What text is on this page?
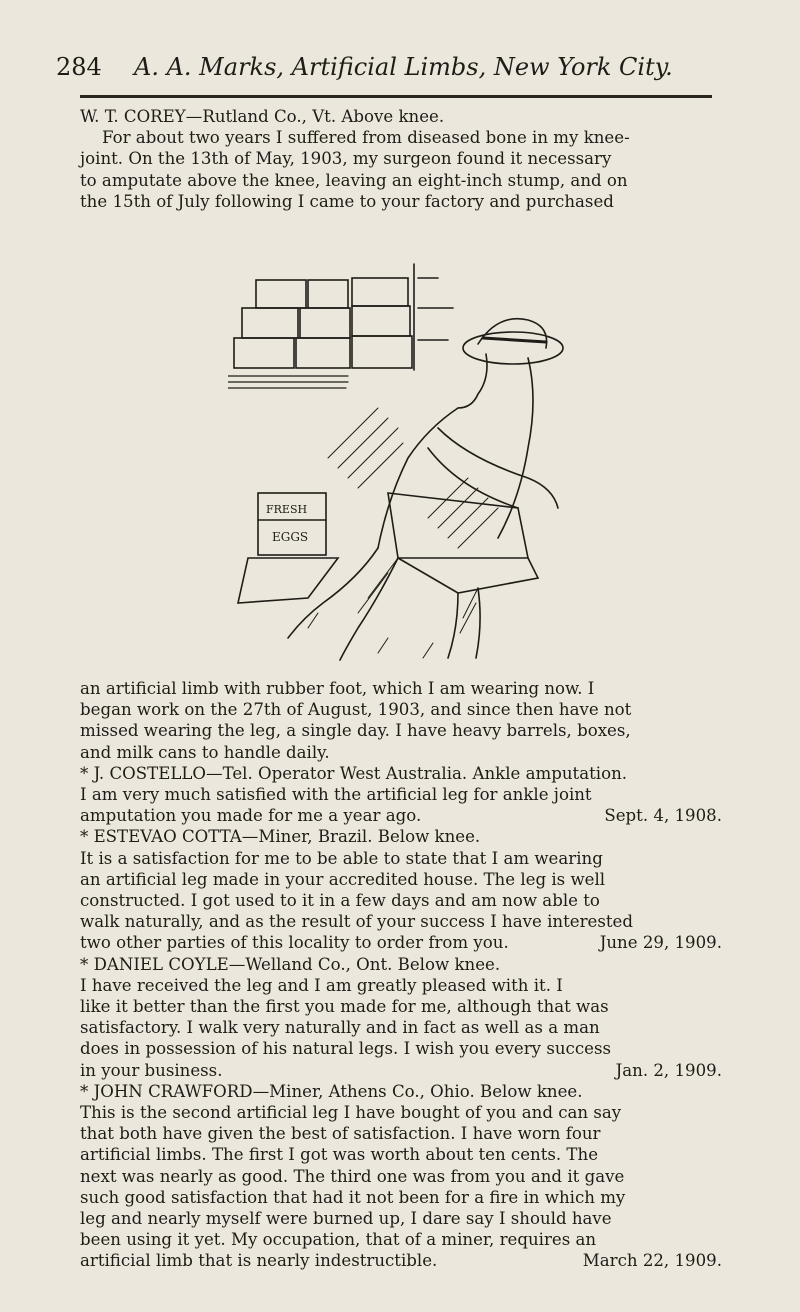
284 A. A. Marks, Artificial Limbs, New York City.

W. T. COREY—Rutland Co., Vt. Above knee.

For about two years I suffered from diseased bone in my knee-

joint. On the 13th of May, 1903, my surgeon found it necessary

to amputate above the knee, leaving an eight-inch stump, and on

the 15th of July following I came to your factory and purchased

FRESH
EGGS

an artificial limb with rubber foot, which I am wearing now. I

began work on the 27th of August, 1903, and since then have not

missed wearing the leg, a single day. I have heavy barrels, boxes,

and milk cans to handle daily.

* J. COSTELLO—Tel. Operator West Australia. Ankle amputation.

I am very much satisfied with the artificial leg for ankle joint

amputation you made for me a year ago.	Sept. 4, 1908.

* ESTEVAO COTTA—Miner, Brazil. Below knee.

It is a satisfaction for me to be able to state that I am wearing

an artificial leg made in your accredited house. The leg is well

constructed. I got used to it in a few days and am now able to

walk naturally, and as the result of your success I have interested

two other parties of this locality to order from you.	June 29, 1909.

* DANIEL COYLE—Welland Co., Ont. Below knee.

I have received the leg and I am greatly pleased with it. I

like it better than the first you made for me, although that was

satisfactory. I walk very naturally and in fact as well as a man

does in possession of his natural legs. I wish you every success

in your business.	Jan. 2, 1909.

* JOHN CRAWFORD—Miner, Athens Co., Ohio. Below knee.

This is the second artificial leg I have bought of you and can say

that both have given the best of satisfaction. I have worn four

artificial limbs. The first I got was worth about ten cents. The

next was nearly as good. The third one was from you and it gave

such good satisfaction that had it not been for a fire in which my

leg and nearly myself were burned up, I dare say I should have

been using it yet. My occupation, that of a miner, requires an

artificial limb that is nearly indestructible.	March 22, 1909.
